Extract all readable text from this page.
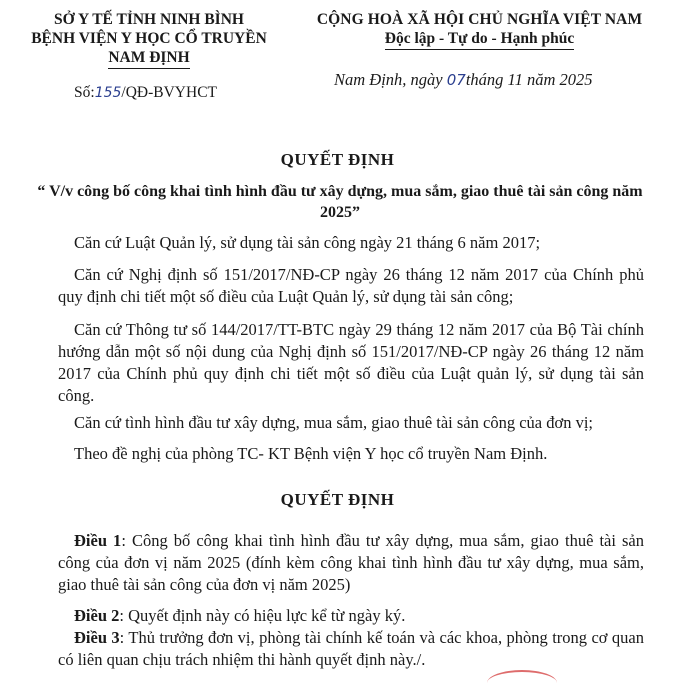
SỞ Y TẾ TỈNH NINH BÌNH
BỆNH VIỆN Y HỌC CỔ TRUYỀN
NAM ĐỊNH
CỘNG HOÀ XÃ HỘI CHỦ NGHĨA VIỆT NAM
Độc lập - Tự do - Hạnh phúc
Số:155/QĐ-BVYHCT
Nam Định, ngày 07tháng 11 năm 2025
QUYẾT ĐỊNH
“ V/v công bố công khai tình hình đầu tư xây dựng, mua sắm, giao thuê tài sản công năm 2025”
Căn cứ Luật Quản lý, sử dụng tài sản công ngày 21 tháng 6 năm 2017;
Căn cứ Nghị định số 151/2017/NĐ-CP ngày 26 tháng 12 năm 2017 của Chính phủ quy định chi tiết một số điều của Luật Quản lý, sử dụng tài sản công;
Căn cứ Thông tư số 144/2017/TT-BTC ngày 29 tháng 12 năm 2017 của Bộ Tài chính hướng dẫn một số nội dung của Nghị định số 151/2017/NĐ-CP ngày 26 tháng 12 năm 2017 của Chính phủ quy định chi tiết một số điều của Luật quản lý, sử dụng tài sản công.
Căn cứ tình hình đầu tư xây dựng, mua sắm, giao thuê tài sản công của đơn vị;
Theo đề nghị của phòng TC- KT Bệnh viện Y học cổ truyền Nam Định.
QUYẾT ĐỊNH
Điều 1: Công bố công khai tình hình đầu tư xây dựng, mua sắm, giao thuê tài sản công của đơn vị năm 2025 (đính kèm công khai tình hình đầu tư xây dựng, mua sắm, giao thuê tài sản công của đơn vị năm 2025)
Điều 2: Quyết định này có hiệu lực kể từ ngày ký.
Điều 3: Thủ trưởng đơn vị, phòng tài chính kế toán và các khoa, phòng trong cơ quan có liên quan chịu trách nhiệm thi hành quyết định này./.
